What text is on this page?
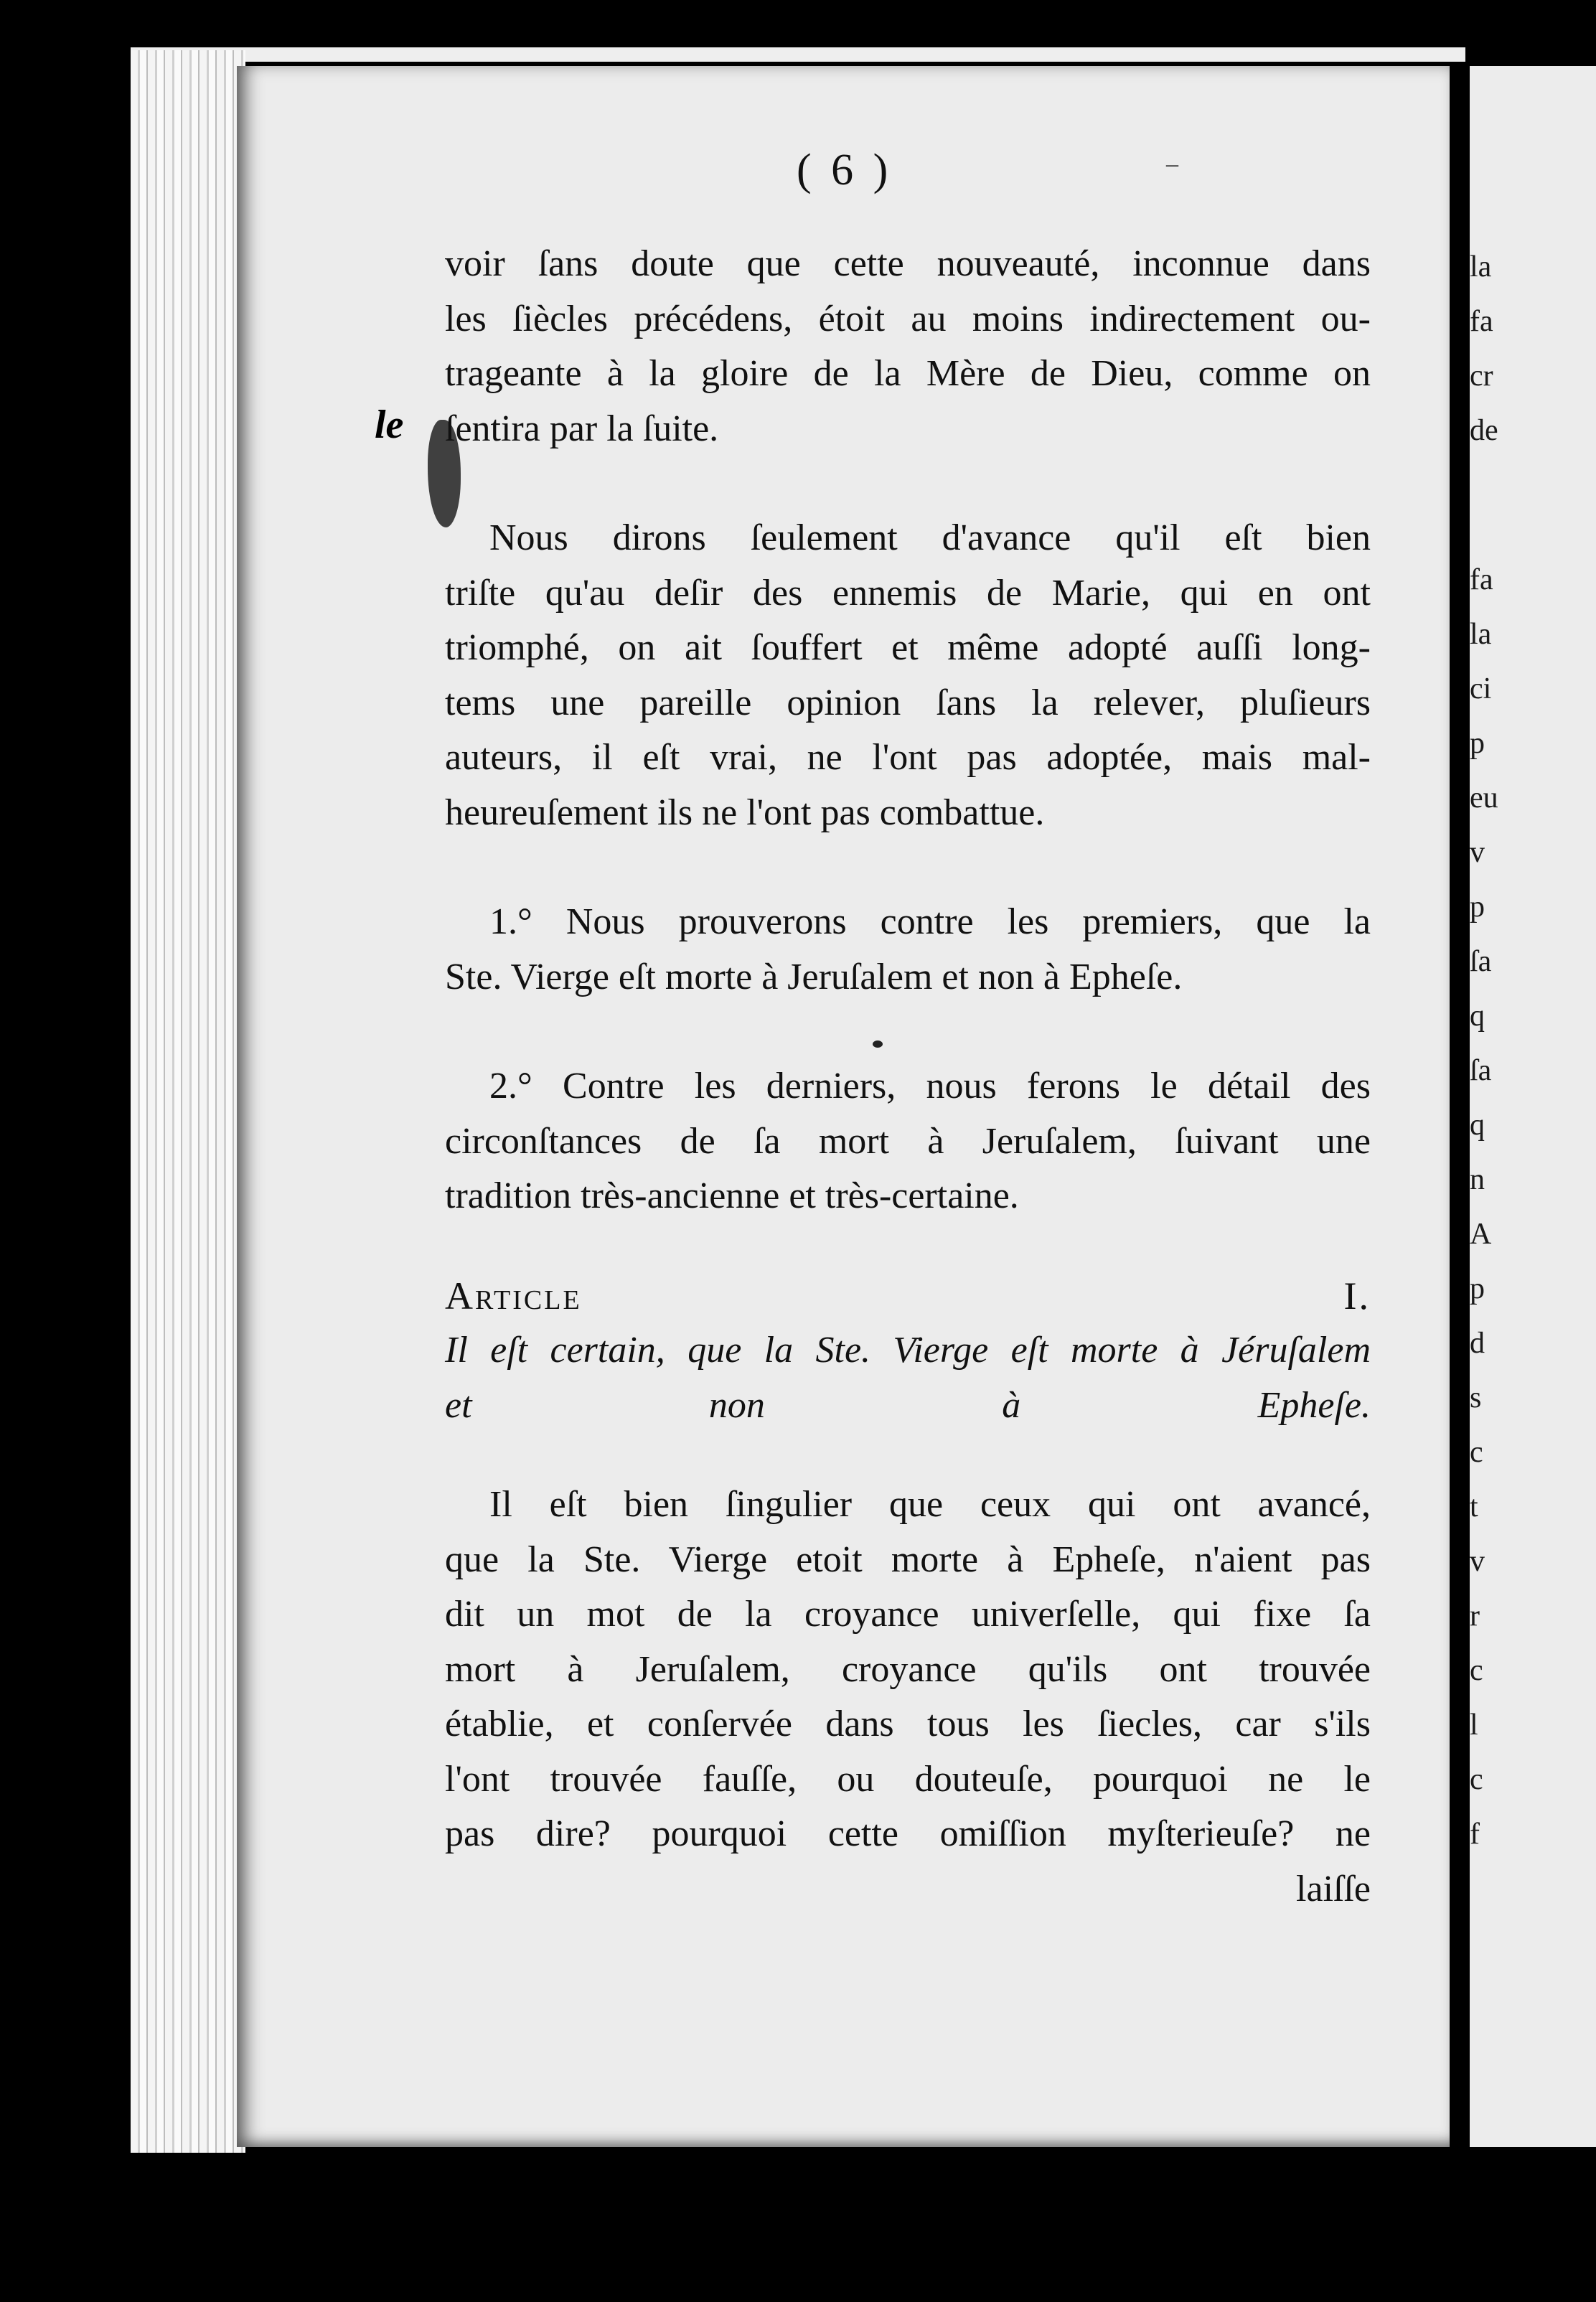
la
fa
cr
de
fa
la
ci
p
eu
v
p
ſa
q
ſa
q
n
A
p
d
s
c
t
v
r
c
l
c
f
( 6 )	–
le

voir ſans doute que cette nouveauté, inconnue dans

les ſiècles précédens, étoit au moins indirectement ou-

trageante à la gloire de la Mère de Dieu, comme on

ſentira par la ſuite.

Nous dirons ſeulement d'avance qu'il eſt bien

triſte qu'au deſir des ennemis de Marie, qui en ont

triomphé, on ait ſouffert et même adopté auſſi long-

tems une pareille opinion ſans la relever, pluſieurs

auteurs, il eſt vrai, ne l'ont pas adoptée, mais mal-

heureuſement ils ne l'ont pas combattue.

1.° Nous prouverons contre les premiers, que la

Ste. Vierge eſt morte à Jeruſalem et non à Epheſe.

2.° Contre les derniers, nous ferons le détail des

circonſtances de ſa mort à Jeruſalem, ſuivant une

tradition très-ancienne et très-certaine.

Article I.

Il eſt certain, que la Ste. Vierge eſt morte à Jéruſalem

et non à Epheſe.

Il eſt bien ſingulier que ceux qui ont avancé,

que la Ste. Vierge etoit morte à Epheſe, n'aient pas

dit un mot de la croyance univerſelle, qui fixe ſa

mort à Jeruſalem, croyance qu'ils ont trouvée

établie, et conſervée dans tous les ſiecles, car s'ils

l'ont trouvée fauſſe, ou douteuſe, pourquoi ne le

pas dire? pourquoi cette omiſſion myſterieuſe? ne

laiſſe
